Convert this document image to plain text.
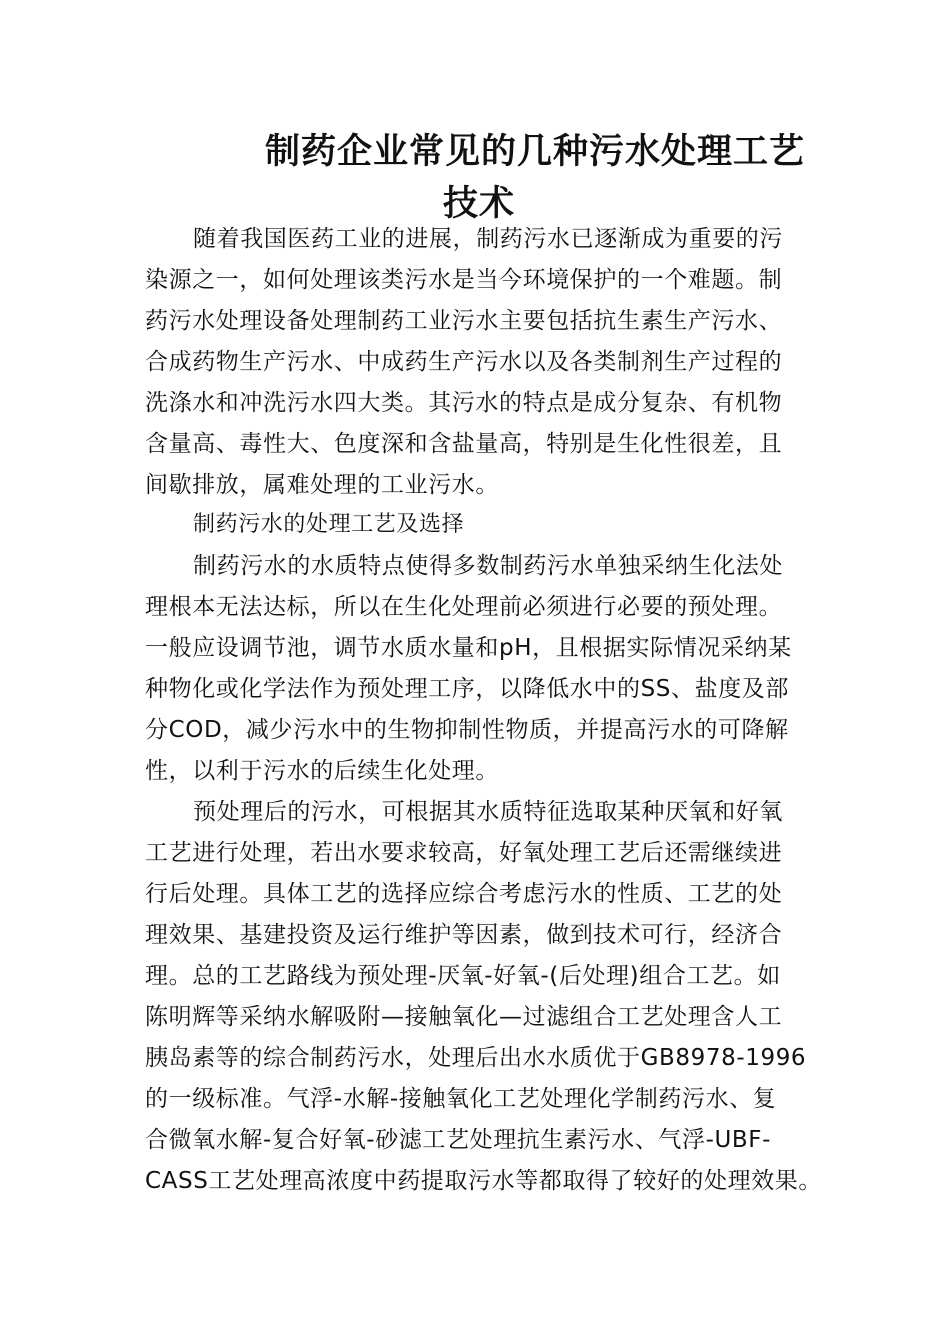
制药企业常见的几种污水处理工艺
技术

随着我国医药工业的进展，制药污水已逐渐成为重要的污

染源之一，如何处理该类污水是当今环境保护的一个难题。制

药污水处理设备处理制药工业污水主要包括抗生素生产污水、

合成药物生产污水、中成药生产污水以及各类制剂生产过程的

洗涤水和冲洗污水四大类。其污水的特点是成分复杂、有机物

含量高、毒性大、色度深和含盐量高，特别是生化性很差，且

间歇排放，属难处理的工业污水。

制药污水的处理工艺及选择

制药污水的水质特点使得多数制药污水单独采纳生化法处

理根本无法达标，所以在生化处理前必须进行必要的预处理。

一般应设调节池，调节水质水量和pH，且根据实际情况采纳某

种物化或化学法作为预处理工序，以降低水中的SS、盐度及部

分COD，减少污水中的生物抑制性物质，并提高污水的可降解

性，以利于污水的后续生化处理。

预处理后的污水，可根据其水质特征选取某种厌氧和好氧

工艺进行处理，若出水要求较高，好氧处理工艺后还需继续进

行后处理。具体工艺的选择应综合考虑污水的性质、工艺的处

理效果、基建投资及运行维护等因素，做到技术可行，经济合

理。总的工艺路线为预处理-厌氧-好氧-(后处理)组合工艺。如

陈明辉等采纳水解吸附—接触氧化—过滤组合工艺处理含人工

胰岛素等的综合制药污水，处理后出水水质优于GB8978-1996

的一级标准。气浮-水解-接触氧化工艺处理化学制药污水、复

合微氧水解-复合好氧-砂滤工艺处理抗生素污水、气浮-UBF-

CASS工艺处理高浓度中药提取污水等都取得了较好的处理效果。
